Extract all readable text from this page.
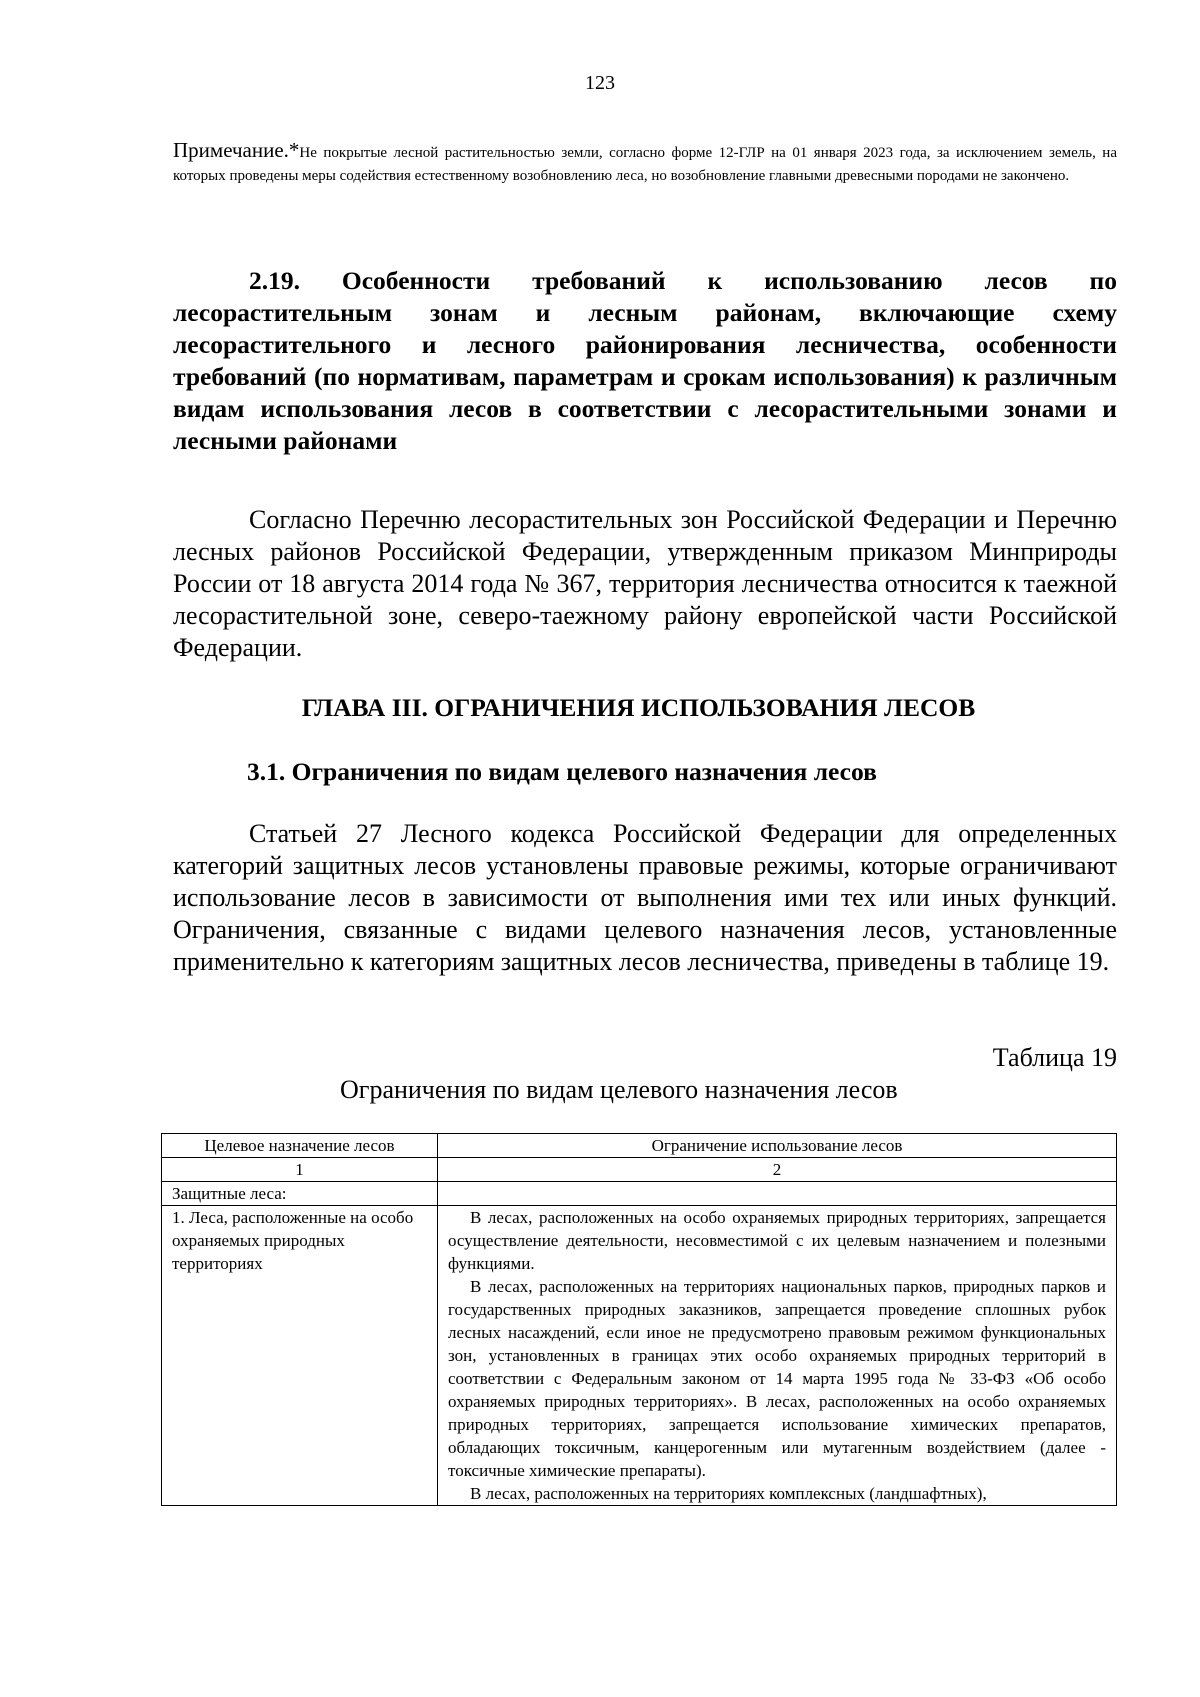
123
Примечание.*Не покрытые лесной растительностью земли, согласно форме 12-ГЛР на 01 января 2023 года, за исключением земель, на которых проведены меры содействия естественному возобновлению леса, но возобновление главными древесными породами не закончено.
2.19. Особенности требований к использованию лесов по лесорастительным зонам и лесным районам, включающие схему лесорастительного и лесного районирования лесничества, особенности требований (по нормативам, параметрам и срокам использования) к различным видам использования лесов в соответствии с лесорастительными зонами и лесными районами
Согласно Перечню лесорастительных зон Российской Федерации и Перечню лесных районов Российской Федерации, утвержденным приказом Минприроды России от 18 августа 2014 года № 367, территория лесничества относится к таежной лесорастительной зоне, северо-таежному району европейской части Российской Федерации.
ГЛАВА III. ОГРАНИЧЕНИЯ ИСПОЛЬЗОВАНИЯ ЛЕСОВ
3.1. Ограничения по видам целевого назначения лесов
Статьей 27 Лесного кодекса Российской Федерации для определенных категорий защитных лесов установлены правовые режимы, которые ограничивают использование лесов в зависимости от выполнения ими тех или иных функций. Ограничения, связанные с видами целевого назначения лесов, установленные применительно к категориям защитных лесов лесничества, приведены в таблице 19.
Таблица 19
Ограничения по видам целевого назначения лесов
Целевое назначение лесов	Ограничение использование лесов
1	2
Защитные леса:	
1. Леса, расположенные на особо охраняемых природных территориях	В лесах, расположенных на особо охраняемых природных территориях, запрещается осуществление деятельности, несовместимой с их целевым назначением и полезными функциями.

В лесах, расположенных на территориях национальных парков, природных парков и государственных природных заказников, запрещается проведение сплошных рубок лесных насаждений, если иное не предусмотрено правовым режимом функциональных зон, установленных в границах этих особо охраняемых природных территорий в соответствии с Федеральным законом от 14 марта 1995 года № 33-ФЗ «Об особо охраняемых природных территориях». В лесах, расположенных на особо охраняемых природных территориях, запрещается использование химических препаратов, обладающих токсичным, канцерогенным или мутагенным воздействием (далее - токсичные химические препараты).

В лесах, расположенных на территориях комплексных (ландшафтных),
